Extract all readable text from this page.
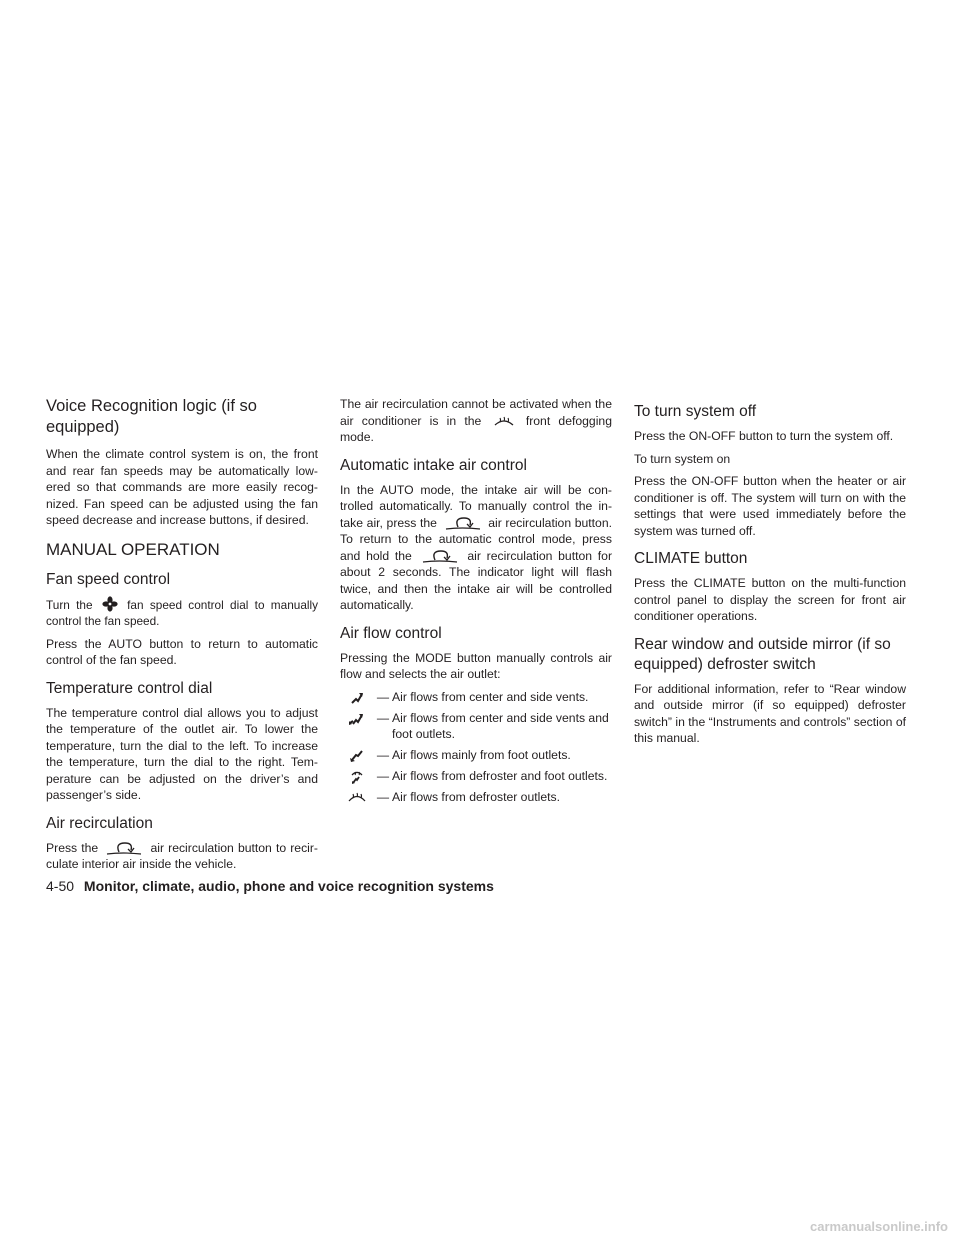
Voice Recognition logic (if so equipped)

When the climate control system is on, the front and rear fan speeds may be automatically low-ered so that commands are more easily recog-nized. Fan speed can be adjusted using the fan speed decrease and increase buttons, if desired.

MANUAL OPERATION
Fan speed control

Turn the	fan speed control dial to manually control the fan speed.

Press the AUTO button to return to automatic control of the fan speed.

Temperature control dial

The temperature control dial allows you to adjust the temperature of the outlet air. To lower the temperature, turn the dial to the left. To increase the temperature, turn the dial to the right. Tem-perature can be adjusted on the driver’s and passenger’s side.

Air recirculation

Press the	air recirculation button to recir-culate interior air inside the vehicle.

The air recirculation cannot be activated when the air conditioner is in the	front defogging mode.

Automatic intake air control

In the AUTO mode, the intake air will be con-trolled automatically. To manually control the in-take air, press the	air recirculation button. To return to the automatic control mode, press and hold the	air recirculation button for about 2 seconds. The indicator light will flash twice, and then the intake air will be controlled automatically.

Air flow control

Pressing the MODE button manually controls air flow and selects the air outlet:

— Air flows from center and side vents.
— Air flows from center and side vents and foot outlets.
— Air flows mainly from foot outlets.
— Air flows from defroster and foot outlets.
— Air flows from defroster outlets.
To turn system off

Press the ON-OFF button to turn the system off.

To turn system on

Press the ON-OFF button when the heater or air conditioner is off. The system will turn on with the settings that were used immediately before the system was turned off.

CLIMATE button

Press the CLIMATE button on the multi-function control panel to display the screen for front air conditioner operations.

Rear window and outside mirror (if so equipped) defroster switch

For additional information, refer to “Rear window and outside mirror (if so equipped) defroster switch” in the “Instruments and controls” section of this manual.

4-50 Monitor, climate, audio, phone and voice recognition systems
carmanualsonline.info
